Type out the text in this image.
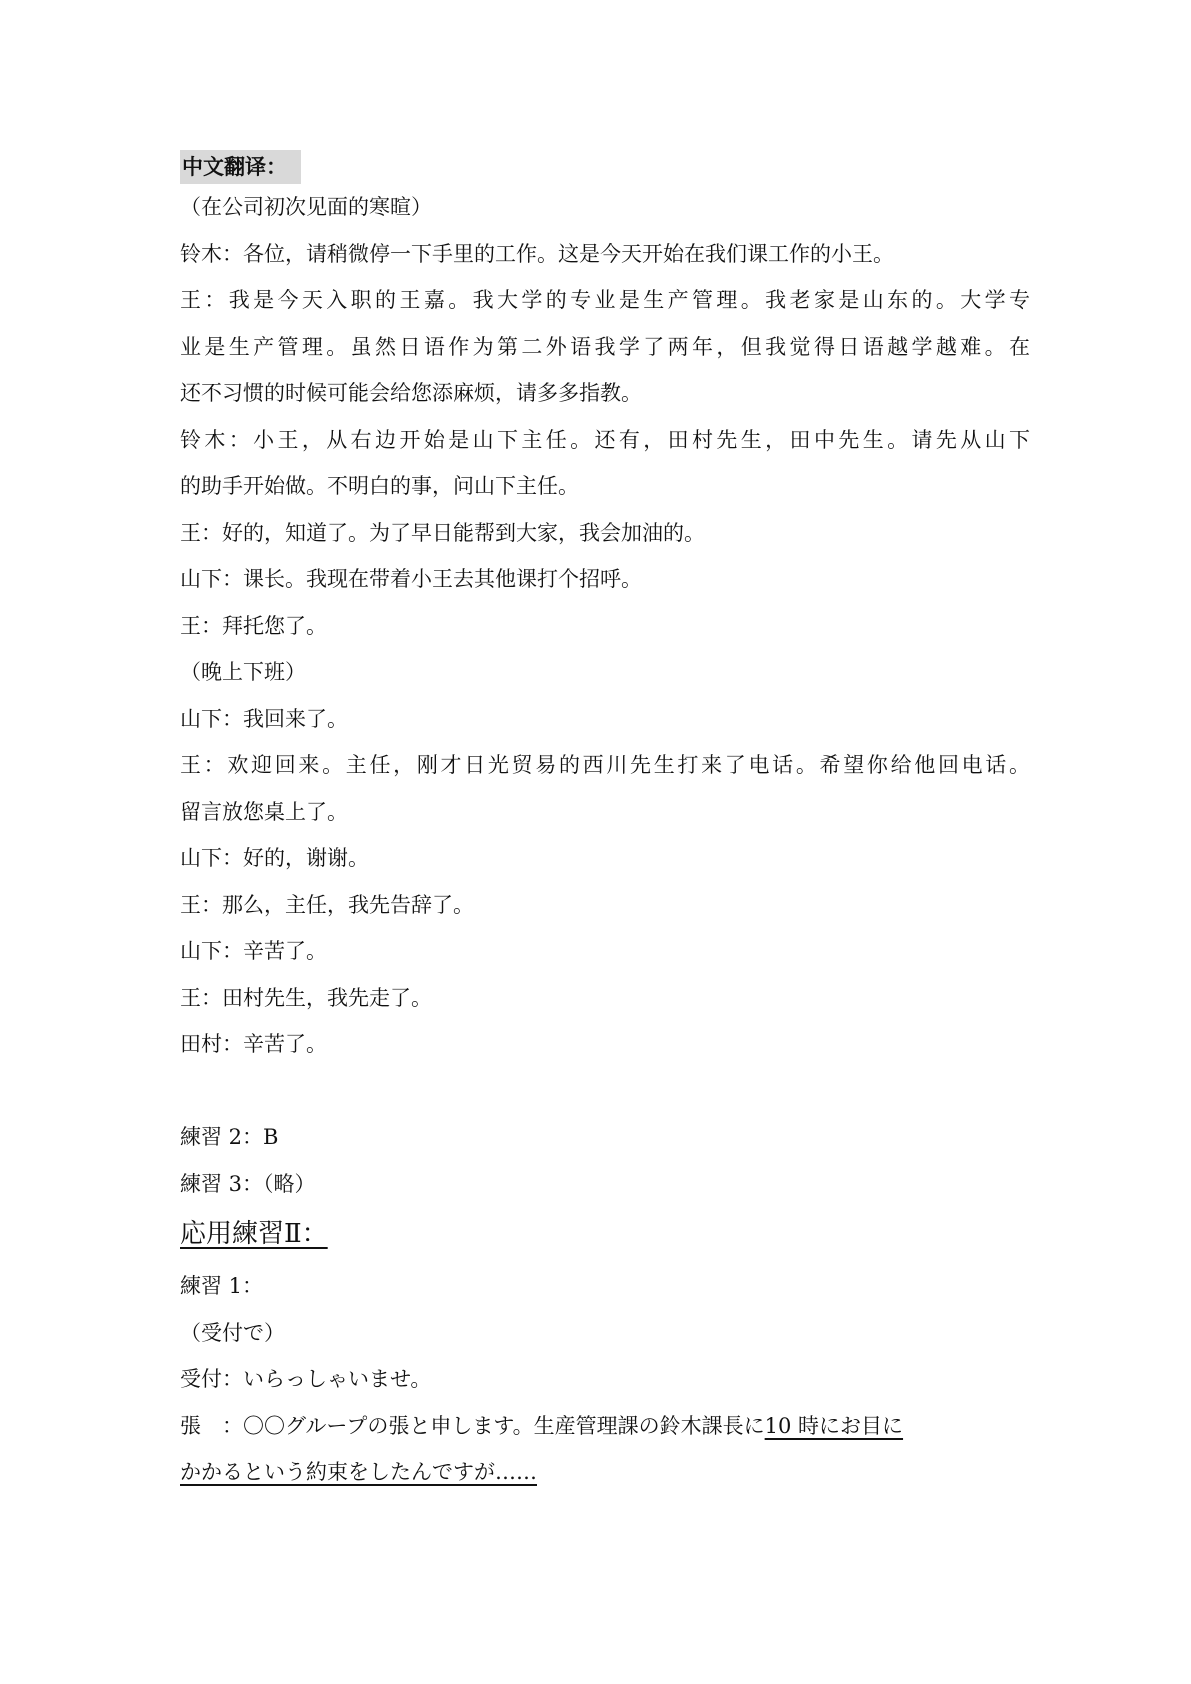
中文翻译：
（在公司初次见面的寒暄）
铃木：各位，请稍微停一下手里的工作。这是今天开始在我们课工作的小王。
王：我是今天入职的王嘉。我大学的专业是生产管理。我老家是山东的。大学专
业是生产管理。虽然日语作为第二外语我学了两年，但我觉得日语越学越难。在
还不习惯的时候可能会给您添麻烦，请多多指教。
铃木：小王，从右边开始是山下主任。还有，田村先生，田中先生。请先从山下
的助手开始做。不明白的事，问山下主任。
王：好的，知道了。为了早日能帮到大家，我会加油的。
山下：课长。我现在带着小王去其他课打个招呼。
王：拜托您了。
（晚上下班）
山下：我回来了。
王：欢迎回来。主任，刚才日光贸易的西川先生打来了电话。希望你给他回电话。
留言放您桌上了。
山下：好的，谢谢。
王：那么，主任，我先告辞了。
山下：辛苦了。
王：田村先生，我先走了。
田村：辛苦了。
練習 2：B
練習 3：（略）
応用練習Ⅱ：
練習 1：
（受付で）
受付：いらっしゃいませ。
張　：〇〇グループの張と申します。生産管理課の鈴木課長に10 時にお目に
かかるという約束をしたんですが……
